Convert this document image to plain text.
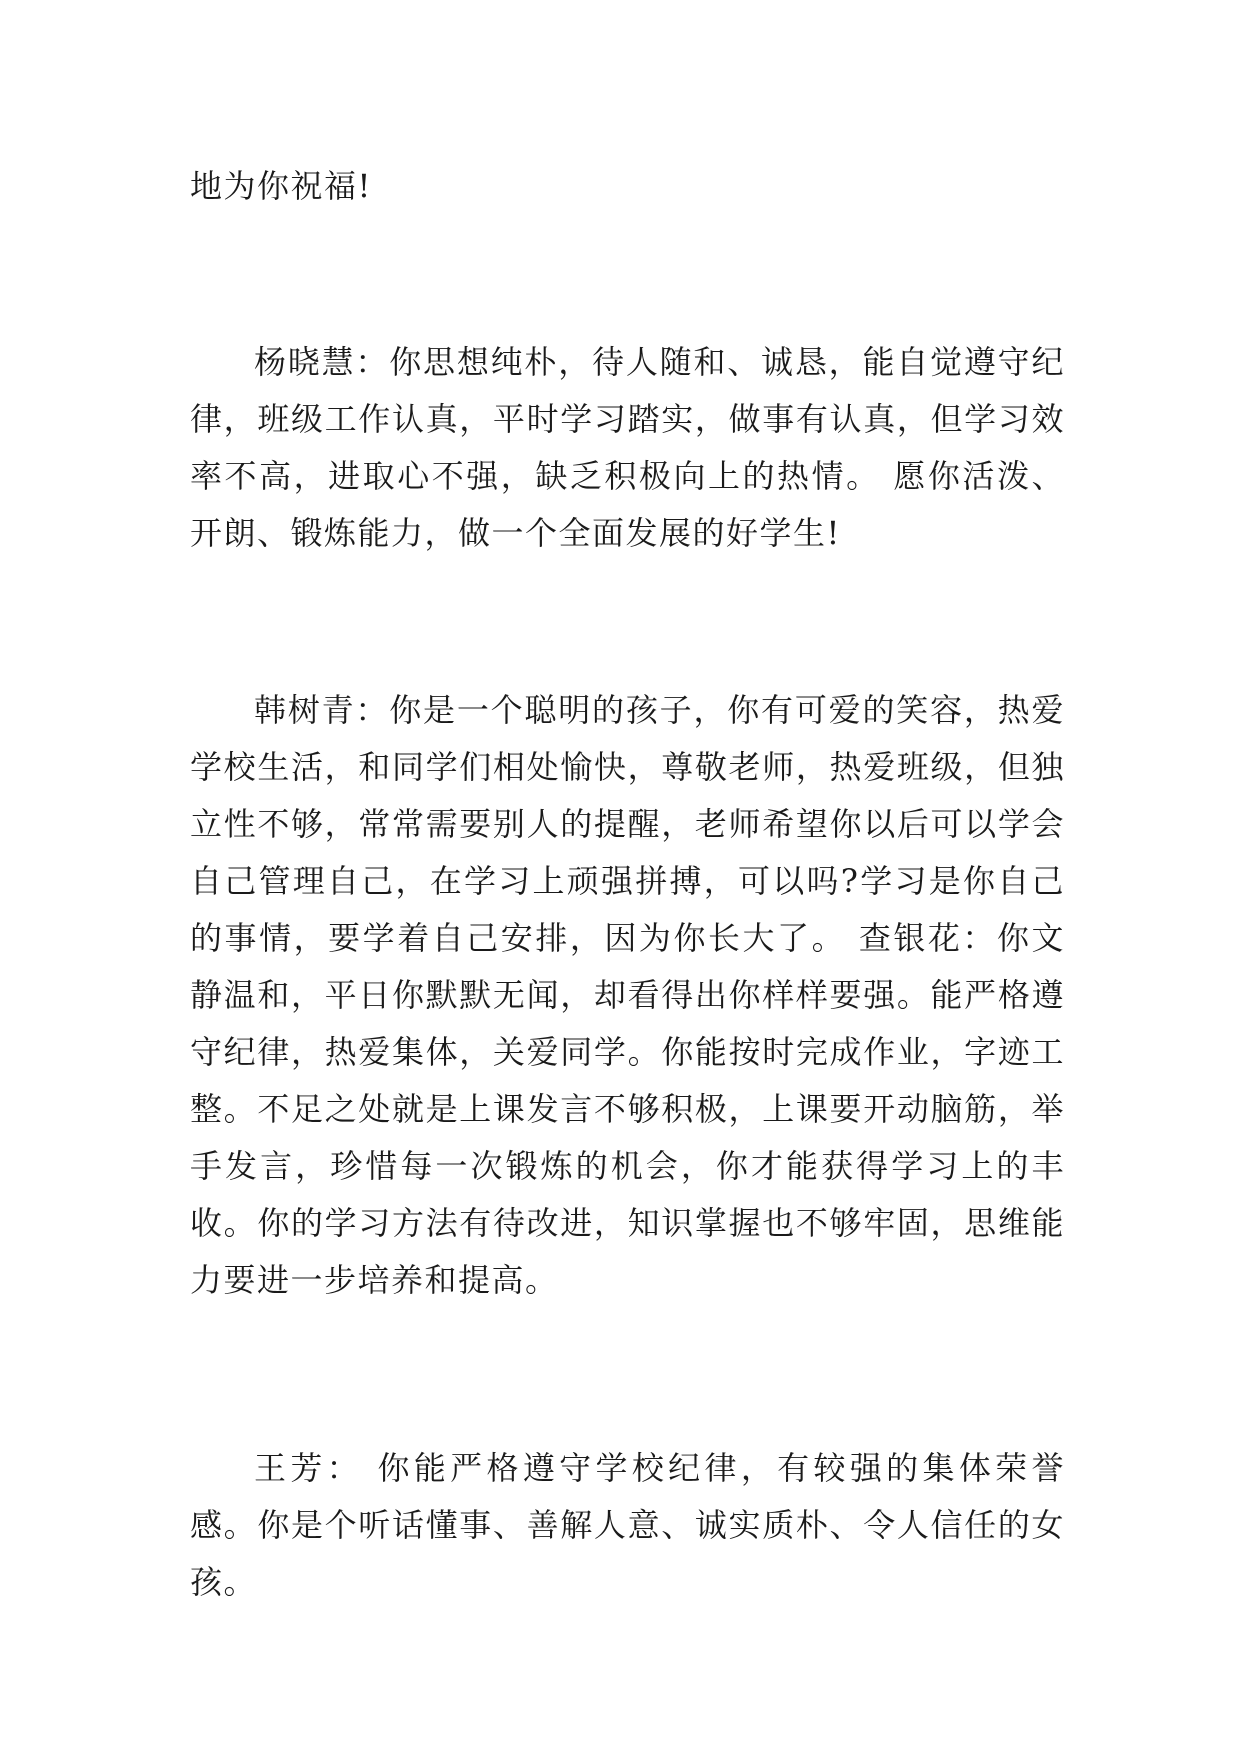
地为你祝福!

杨晓慧：你思想纯朴，待人随和、诚恳，能自觉遵守纪律，班级工作认真，平时学习踏实，做事有认真，但学习效率不高，进取心不强，缺乏积极向上的热情。 愿你活泼、开朗、锻炼能力，做一个全面发展的好学生!

韩树青：你是一个聪明的孩子，你有可爱的笑容，热爱学校生活，和同学们相处愉快，尊敬老师，热爱班级，但独立性不够，常常需要别人的提醒，老师希望你以后可以学会自己管理自己，在学习上顽强拼搏，可以吗?学习是你自己的事情，要学着自己安排，因为你长大了。 查银花：你文静温和，平日你默默无闻，却看得出你样样要强。能严格遵守纪律，热爱集体，关爱同学。你能按时完成作业，字迹工整。不足之处就是上课发言不够积极，上课要开动脑筋，举手发言，珍惜每一次锻炼的机会，你才能获得学习上的丰收。你的学习方法有待改进，知识掌握也不够牢固，思维能力要进一步培养和提高。

王芳： 你能严格遵守学校纪律，有较强的集体荣誉感。你是个听话懂事、善解人意、诚实质朴、令人信任的女孩。
